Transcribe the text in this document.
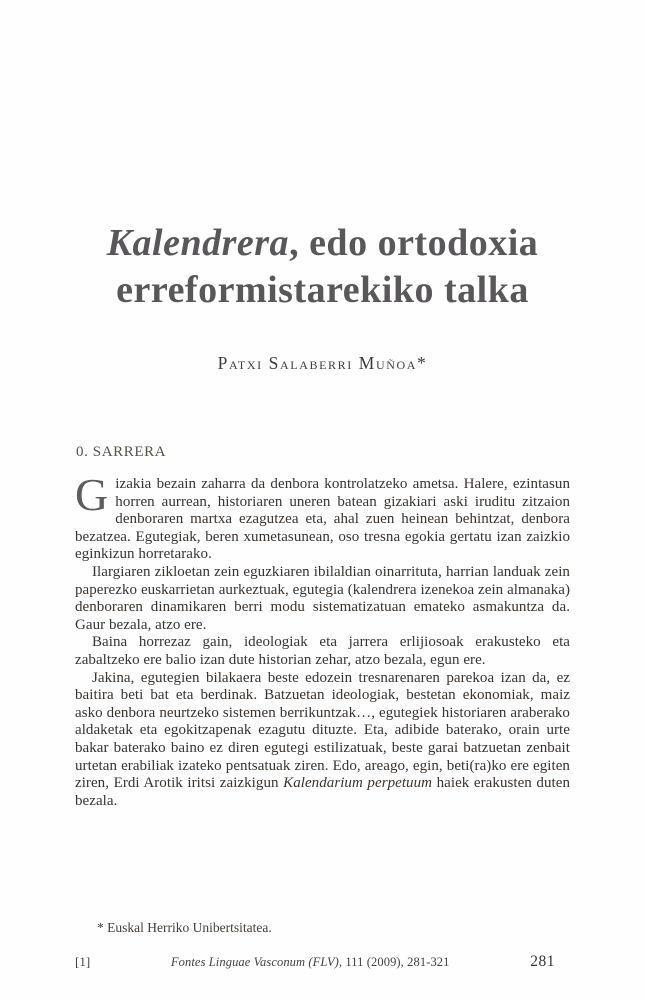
Kalendrera, edo ortodoxia
erreformistarekiko talka
Patxi Salaberri Muñoa*
0. SARRERA

Gizakia bezain zaharra da denbora kontrolatzeko ametsa. Halere, ezintasun horren aurrean, historiaren uneren batean gizakiari aski iruditu zitzaion denboraren martxa ezagutzea eta, ahal zuen heinean behintzat, denbora bezatzea. Egutegiak, beren xumetasunean, oso tresna egokia gertatu izan zaizkio eginkizun horretarako.

Ilargiaren zikloetan zein eguzkiaren ibilaldian oinarrituta, harrian landuak zein paperezko euskarrietan aurkeztuak, egutegia (kalendrera izenekoa zein almanaka) denboraren dinamikaren berri modu sistematizatuan emateko asmakuntza da. Gaur bezala, atzo ere.

Baina horrezaz gain, ideologiak eta jarrera erlijiosoak erakusteko eta zabaltzeko ere balio izan dute historian zehar, atzo bezala, egun ere.

Jakina, egutegien bilakaera beste edozein tresnarenaren parekoa izan da, ez baitira beti bat eta berdinak. Batzuetan ideologiak, bestetan ekonomiak, maiz asko denbora neurtzeko sistemen berrikuntzak…, egutegiek historiaren araberako aldaketak eta egokitzapenak ezagutu dituzte. Eta, adibide baterako, orain urte bakar baterako baino ez diren egutegi estilizatuak, beste garai batzuetan zenbait urtetan erabiliak izateko pentsatuak ziren. Edo, areago, egin, beti(ra)ko ere egiten ziren, Erdi Arotik iritsi zaizkigun Kalendarium perpetuum haiek erakusten duten bezala.

* Euskal Herriko Unibertsitatea.
[1]	Fontes Linguae Vasconum (FLV), 111 (2009), 281-321	281
